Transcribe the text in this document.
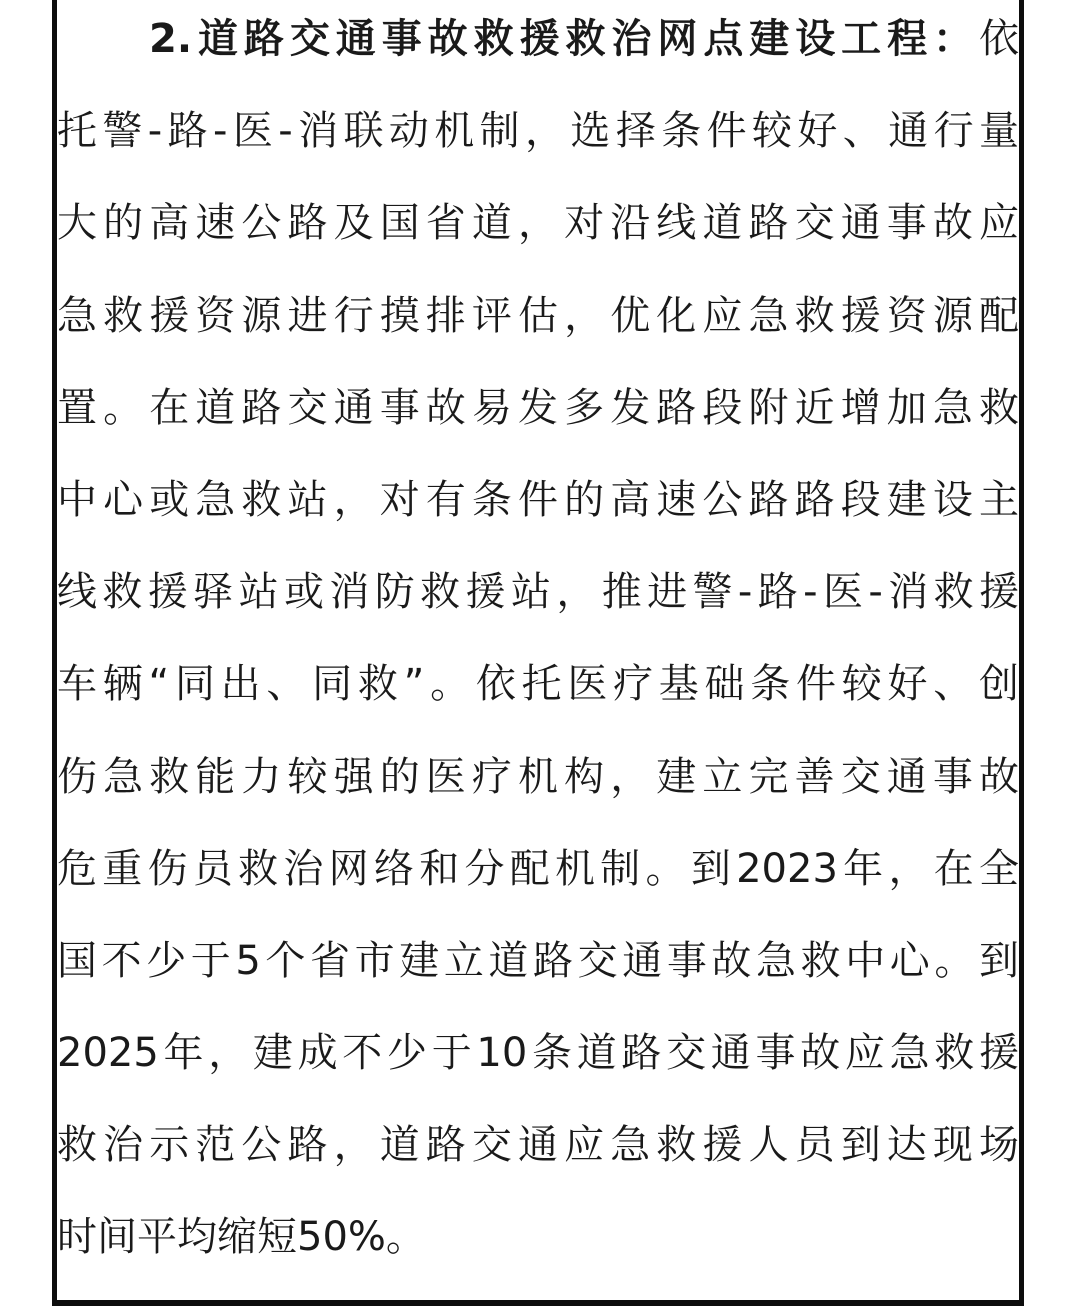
2.道路交通事故救援救治网点建设工程：依
托警-路-医-消联动机制，选择条件较好、通行量
大的高速公路及国省道，对沿线道路交通事故应
急救援资源进行摸排评估，优化应急救援资源配
置。在道路交通事故易发多发路段附近增加急救
中心或急救站，对有条件的高速公路路段建设主
线救援驿站或消防救援站，推进警-路-医-消救援
车辆“同出、同救”。依托医疗基础条件较好、创
伤急救能力较强的医疗机构，建立完善交通事故
危重伤员救治网络和分配机制。到2023年，在全
国不少于5个省市建立道路交通事故急救中心。到
2025年，建成不少于10条道路交通事故应急救援
救治示范公路，道路交通应急救援人员到达现场
时间平均缩短50%。
